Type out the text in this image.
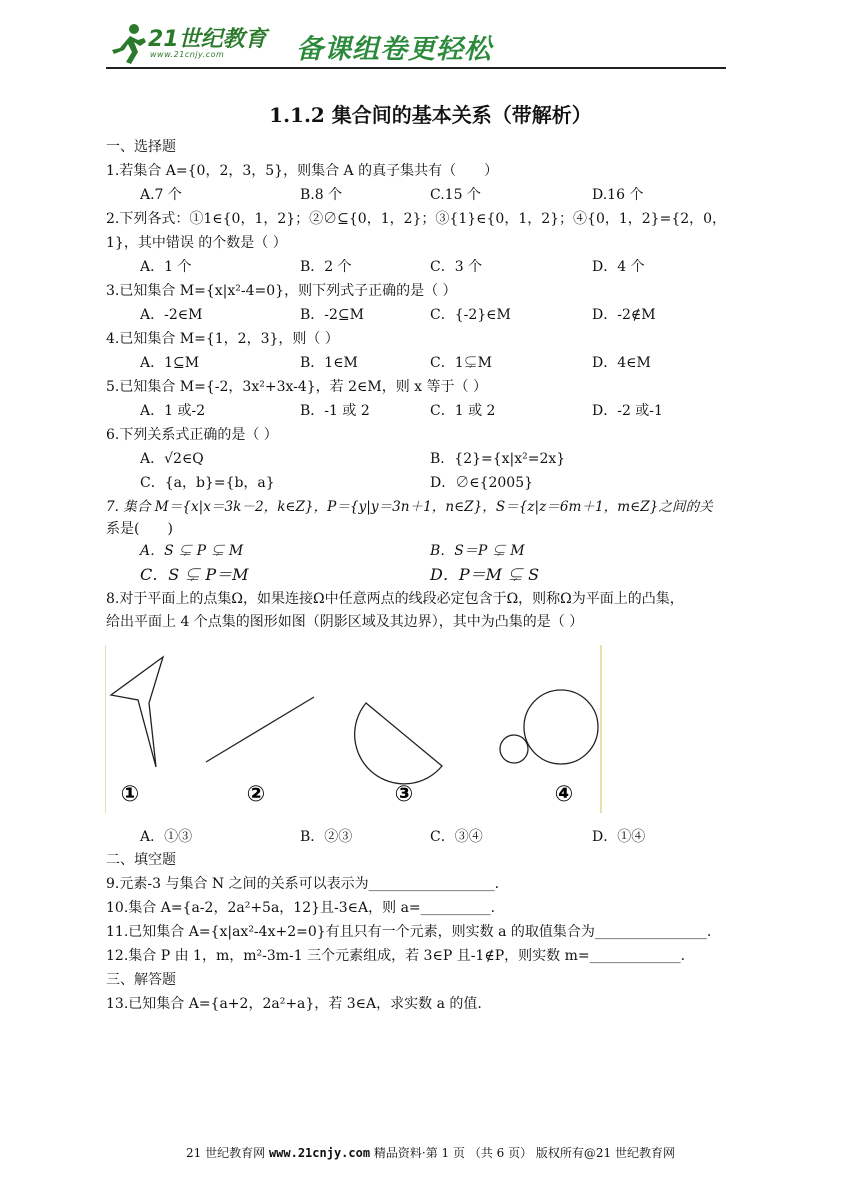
21世纪教育
www.21cnjy.com	备课组卷更轻松
1.1.2 集合间的基本关系（带解析）
一、选择题
1.若集合 A={0，2，3，5}，则集合 A 的真子集共有（　　）
A.7 个	B.8 个	C.15 个	D.16 个
2.下列各式：①1∈{0，1，2}；②∅⊆{0，1，2}；③{1}∈{0，1，2}；④{0，1，2}={2，0，
1}，其中错误 的个数是（ ）
A．1 个	B．2 个	C．3 个	D．4 个
3.已知集合 M={x|x²-4=0}，则下列式子正确的是（ ）
A．-2∈M	B．-2⊆M	C．{-2}∈M	D．-2∉M
4.已知集合 M={1，2，3}，则（ ）
A．1⊆M	B．1∈M	C．1⊊M	D．4∈M
5.已知集合 M={-2，3x²+3x-4}，若 2∈M，则 x 等于（ ）
A．1 或-2	B．-1 或 2	C．1 或 2	D．-2 或-1
6.下列关系式正确的是（ ）
A．√2∈Q	B．{2}={x|x²=2x}
C．{a，b}={b，a}	D．∅∈{2005}
7. 集合 M＝{x|x＝3k－2，k∈Z}，P＝{y|y＝3n＋1，n∈Z}，S＝{z|z＝6m＋1，m∈Z}之间的关
系是(　　)
A．S ⊊ P ⊊ M	B．S＝P ⊊ M
C．S ⊊ P＝M	D．P＝M ⊊ S
8.对于平面上的点集Ω，如果连接Ω中任意两点的线段必定包含于Ω，则称Ω为平面上的凸集，
给出平面上 4 个点集的图形如图（阴影区域及其边界），其中为凸集的是（ ）
①	②	③	④
A．①③	B．②③	C．③④	D．①④
二、填空题
9.元素-3 与集合 N 之间的关系可以表示为__________________.
10.集合 A={a-2，2a²+5a，12}且-3∈A，则 a=__________.
11.已知集合 A={x|ax²-4x+2=0}有且只有一个元素，则实数 a 的取值集合为________________.
12.集合 P 由 1，m，m²-3m-1 三个元素组成，若 3∈P 且-1∉P，则实数 m=_____________.
三、解答题
13.已知集合 A={a+2，2a²+a}，若 3∈A，求实数 a 的值.
21 世纪教育网 www.21cnjy.com 精品资料·第 1 页 （共 6 页） 版权所有@21 世纪教育网
